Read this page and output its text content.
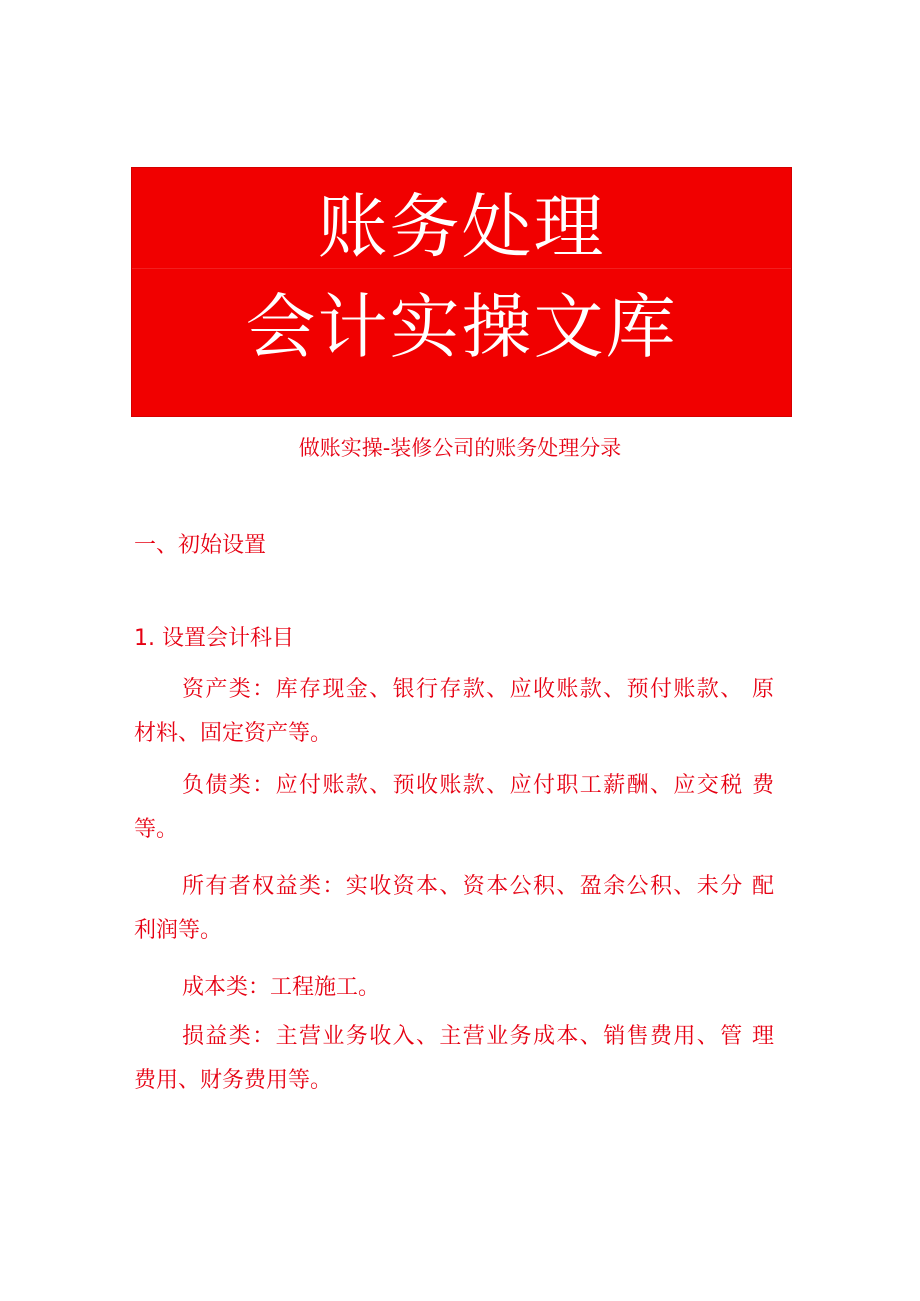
账务处理
会计实操文库
做账实操-装修公司的账务处理分录
一、初始设置
1. 设置会计科目
资产类：库存现金、银行存款、应收账款、预付账款、 原
材料、固定资产等。
负债类：应付账款、预收账款、应付职工薪酬、应交税 费
等。
所有者权益类：实收资本、资本公积、盈余公积、未分 配
利润等。
成本类：工程施工。
损益类：主营业务收入、主营业务成本、销售费用、管 理
费用、财务费用等。
